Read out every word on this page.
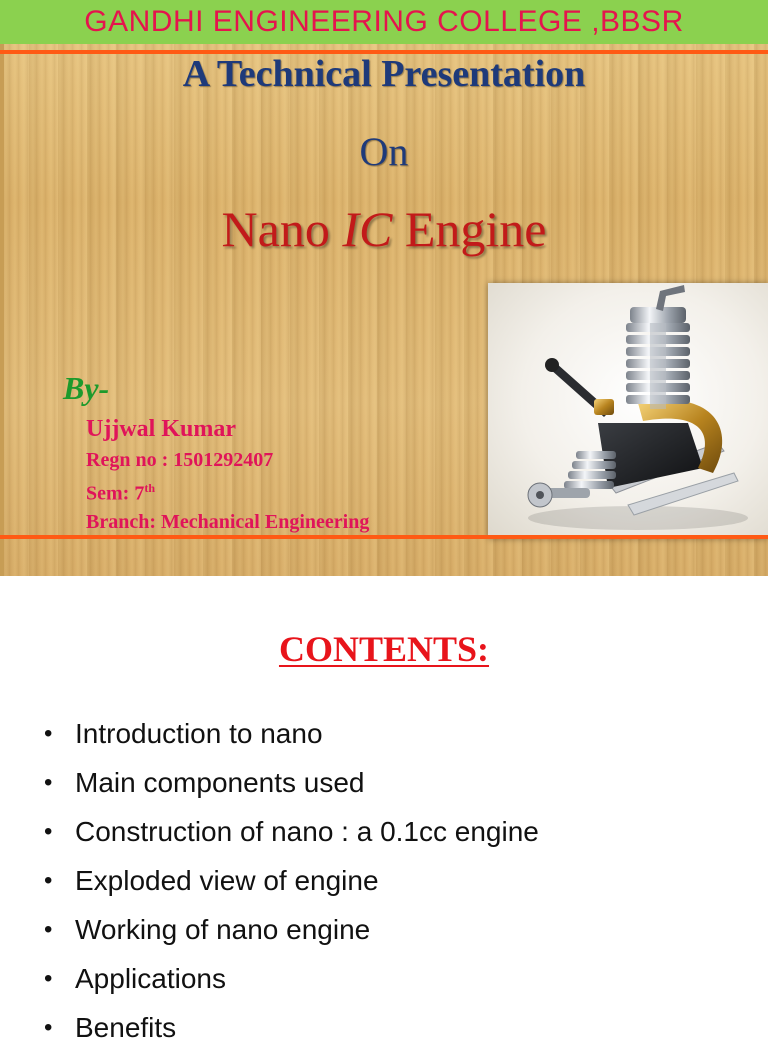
GANDHI ENGINEERING COLLEGE ,BBSR
A Technical Presentation
On
Nano IC Engine
By-
Ujjwal Kumar
Regn no : 1501292407
Sem: 7th
Branch: Mechanical Engineering
CONTENTS:
• Introduction to nano
• Main components used
• Construction of nano : a 0.1cc engine
• Exploded view of engine
• Working of nano engine
• Applications
• Benefits
